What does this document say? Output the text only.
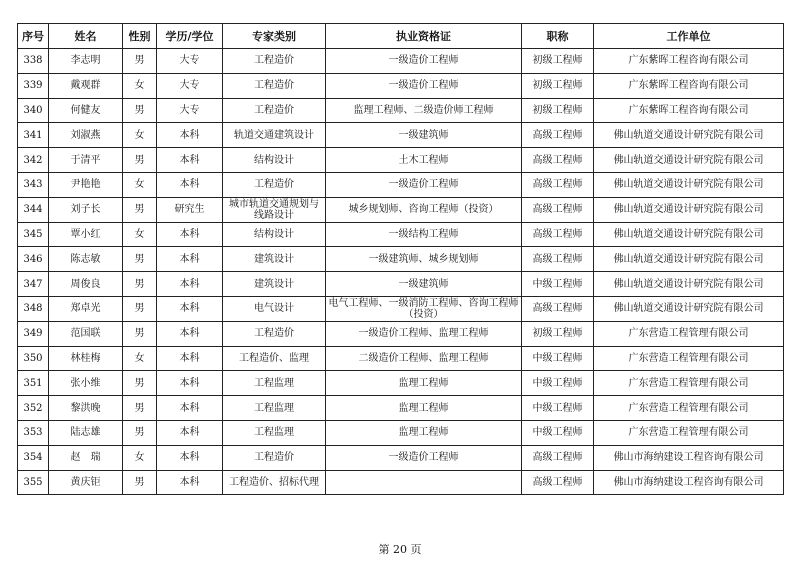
序号	姓名	性别	学历/学位	专家类别	执业资格证	职称	工作单位
338	李志明	男	大专	工程造价	一级造价工程师	初级工程师	广东紫晖工程咨询有限公司
339	戴观群	女	大专	工程造价	一级造价工程师	初级工程师	广东紫晖工程咨询有限公司
340	何健友	男	大专	工程造价	监理工程师、二级造价师工程师	初级工程师	广东紫晖工程咨询有限公司
341	刘淑燕	女	本科	轨道交通建筑设计	一级建筑师	高级工程师	佛山轨道交通设计研究院有限公司
342	于清平	男	本科	结构设计	土木工程师	高级工程师	佛山轨道交通设计研究院有限公司
343	尹艳艳	女	本科	工程造价	一级造价工程师	高级工程师	佛山轨道交通设计研究院有限公司
344	刘子长	男	研究生	城市轨道交通规划与线路设计	城乡规划师、咨询工程师（投资）	高级工程师	佛山轨道交通设计研究院有限公司
345	覃小红	女	本科	结构设计	一级结构工程师	高级工程师	佛山轨道交通设计研究院有限公司
346	陈志敏	男	本科	建筑设计	一级建筑师、城乡规划师	高级工程师	佛山轨道交通设计研究院有限公司
347	周俊良	男	本科	建筑设计	一级建筑师	中级工程师	佛山轨道交通设计研究院有限公司
348	郑卓光	男	本科	电气设计	电气工程师、一级消防工程师、咨询工程师（投资）	高级工程师	佛山轨道交通设计研究院有限公司
349	范国联	男	本科	工程造价	一级造价工程师、监理工程师	初级工程师	广东营造工程管理有限公司
350	林桂梅	女	本科	工程造价、监理	二级造价工程师、监理工程师	中级工程师	广东营造工程管理有限公司
351	张小维	男	本科	工程监理	监理工程师	中级工程师	广东营造工程管理有限公司
352	黎洪晚	男	本科	工程监理	监理工程师	中级工程师	广东营造工程管理有限公司
353	陆志雄	男	本科	工程监理	监理工程师	中级工程师	广东营造工程管理有限公司
354	赵　瑞	女	本科	工程造价	一级造价工程师	高级工程师	佛山市海纳建设工程咨询有限公司
355	黄庆钜	男	本科	工程造价、招标代理		高级工程师	佛山市海纳建设工程咨询有限公司
第 20 页
